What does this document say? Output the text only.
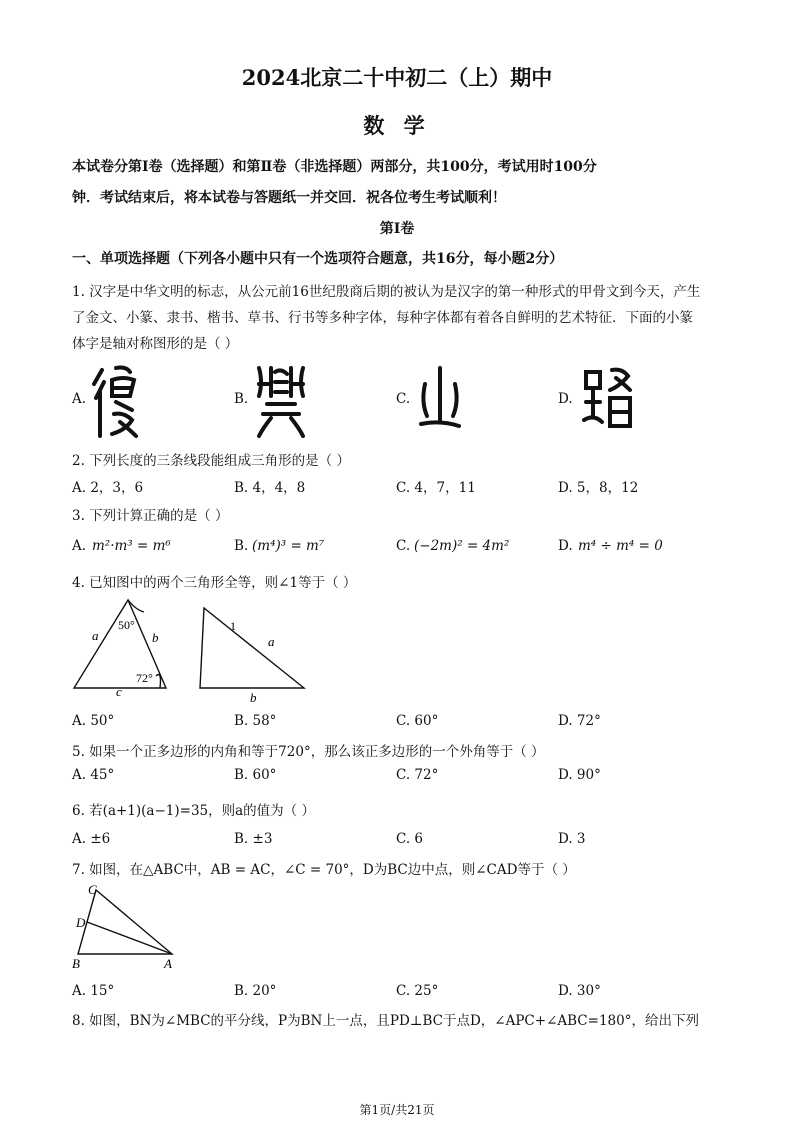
2024北京二十中初二（上）期中
数 学
本试卷分第I卷（选择题）和第Ⅱ卷（非选择题）两部分，共100分，考试用时100分
钟．考试结束后，将本试卷与答题纸一并交回．祝各位考生考试顺利！
第I卷
一、单项选择题（下列各小题中只有一个选项符合题意，共16分，每小题2分）
1. 汉字是中华文明的标志，从公元前16世纪殷商后期的被认为是汉字的第一种形式的甲骨文到今天，产生
了金文、小篆、隶书、楷书、草书、行书等多种字体，每种字体都有着各自鲜明的艺术特征．下面的小篆
体字是轴对称图形的是（ ）
A.	B.	C.	D.
2. 下列长度的三条线段能组成三角形的是（ ）
A. 2，3，6	B. 4，4，8	C. 4，7，11	D. 5，8，12
3. 下列计算正确的是（ ）
A. m²·m³ = m⁶	B. (m⁴)³ = m⁷	C. (−2m)² = 4m²	D. m⁴ ÷ m⁴ = 0
4. 已知图中的两个三角形全等，则∠1等于（ ）
a	b
c
50°
72°
1
a
b
A. 50°	B. 58°	C. 60°	D. 72°
5. 如果一个正多边形的内角和等于720°，那么该正多边形的一个外角等于（ ）
A. 45°	B. 60°	C. 72°	D. 90°
6. 若(a+1)(a−1)=35，则a的值为（ ）
A. ±6	B. ±3	C. 6	D. 3
7. 如图，在△ABC中，AB = AC，∠C = 70°，D为BC边中点，则∠CAD等于（ ）
C
D
B	A
A. 15°	B. 20°	C. 25°	D. 30°
8. 如图，BN为∠MBC的平分线，P为BN上一点，且PD⊥BC于点D，∠APC+∠ABC=180°，给出下列
第1页/共21页
